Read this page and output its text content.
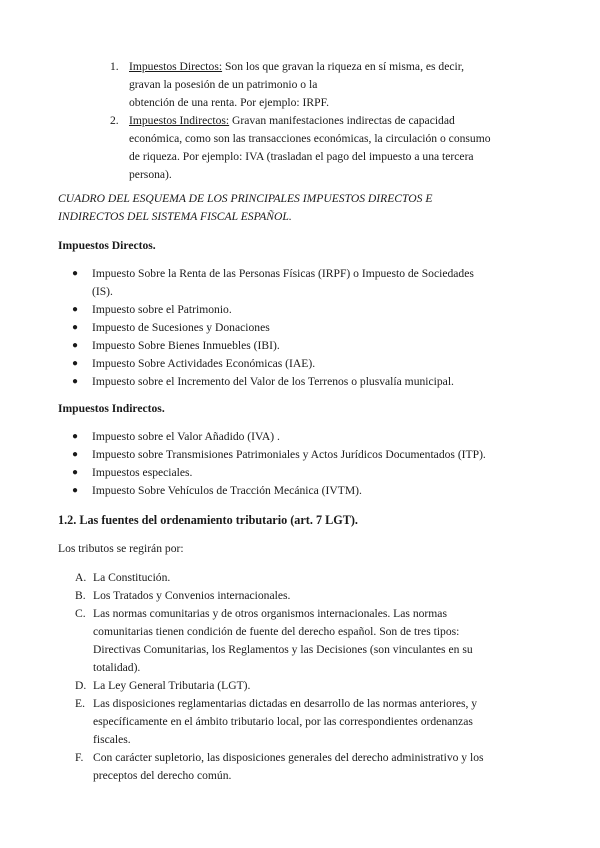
1. Impuestos Directos: Son los que gravan la riqueza en sí misma, es decir,
gravan la posesión de un patrimonio o la
obtención de una renta. Por ejemplo: IRPF.
2. Impuestos Indirectos: Gravan manifestaciones indirectas de capacidad
económica, como son las transacciones económicas, la circulación o consumo
de riqueza. Por ejemplo: IVA (trasladan el pago del impuesto a una tercera
persona).
CUADRO DEL ESQUEMA DE LOS PRINCIPALES IMPUESTOS DIRECTOS E
INDIRECTOS DEL SISTEMA FISCAL ESPAÑOL.
Impuestos Directos.
● Impuesto Sobre la Renta de las Personas Físicas (IRPF) o Impuesto de Sociedades
(IS).
● Impuesto sobre el Patrimonio.
● Impuesto de Sucesiones y Donaciones
● Impuesto Sobre Bienes Inmuebles (IBI).
● Impuesto Sobre Actividades Económicas (IAE).
● Impuesto sobre el Incremento del Valor de los Terrenos o plusvalía municipal.
Impuestos Indirectos.
● Impuesto sobre el Valor Añadido (IVA) .
● Impuesto sobre Transmisiones Patrimoniales y Actos Jurídicos Documentados (ITP).
● Impuestos especiales.
● Impuesto Sobre Vehículos de Tracción Mecánica (IVTM).
1.2. Las fuentes del ordenamiento tributario (art. 7 LGT).
Los tributos se regirán por:
A. La Constitución.
B. Los Tratados y Convenios internacionales.
C. Las normas comunitarias y de otros organismos internacionales. Las normas
comunitarias tienen condición de fuente del derecho español. Son de tres tipos:
Directivas Comunitarias, los Reglamentos y las Decisiones (son vinculantes en su
totalidad).
D. La Ley General Tributaria (LGT).
E. Las disposiciones reglamentarias dictadas en desarrollo de las normas anteriores, y
específicamente en el ámbito tributario local, por las correspondientes ordenanzas
fiscales.
F. Con carácter supletorio, las disposiciones generales del derecho administrativo y los
preceptos del derecho común.
